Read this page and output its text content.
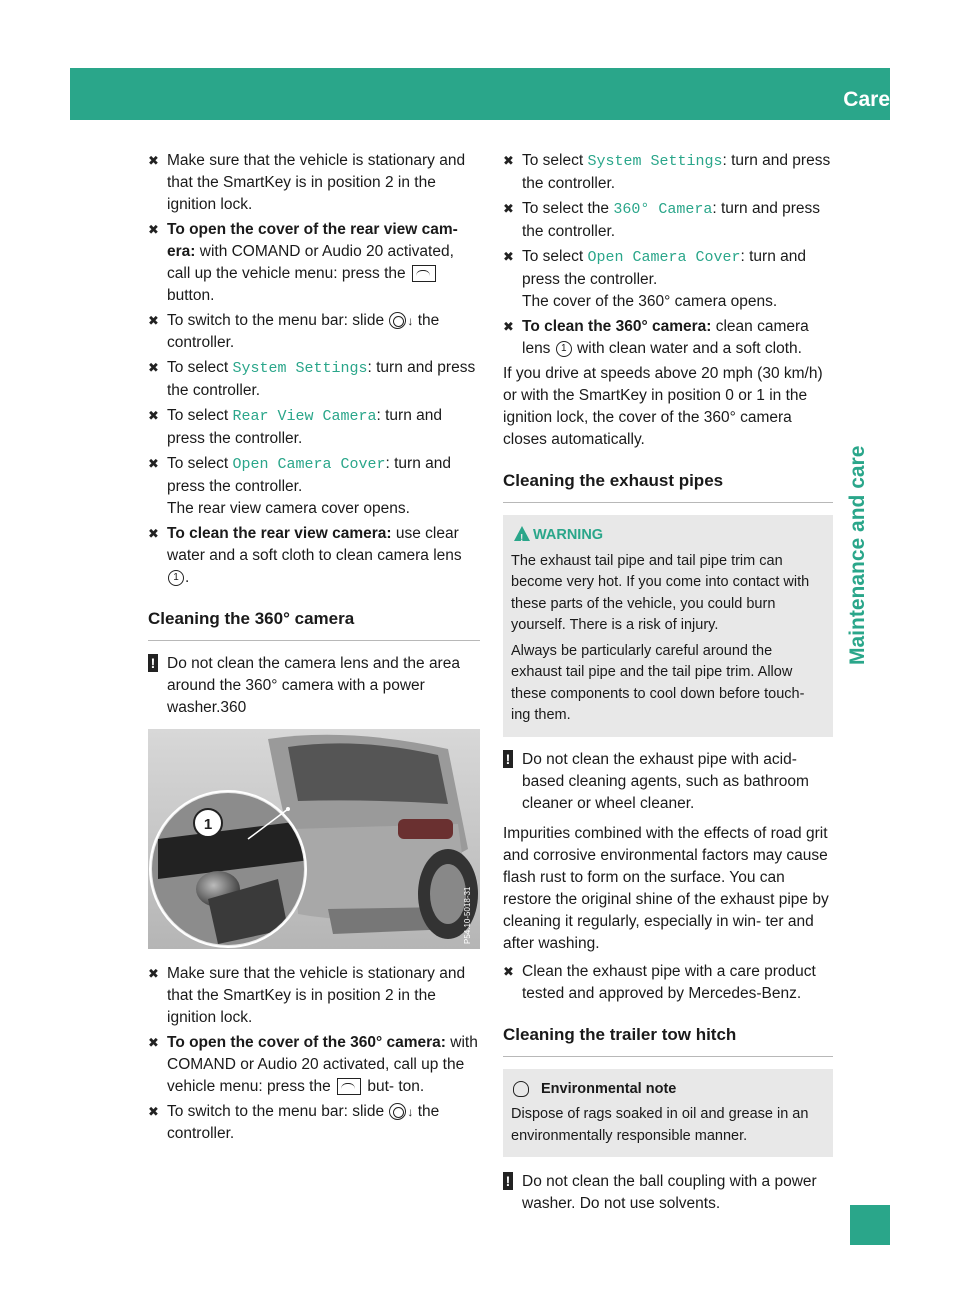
Care 349
Maintenance and care
✖ Make sure that the vehicle is stationary and that the SmartKey is in position 2 in the ignition lock.
✖ To open the cover of the rear view cam- era: with COMAND or Audio 20 activated, call up the vehicle menu: press the  button.
✖ To switch to the menu bar: slide ↓ the controller.
✖ To select System Settings: turn and press the controller.
✖ To select Rear View Camera: turn and press the controller.
✖ To select Open Camera Cover: turn and press the controller.
The rear view camera cover opens.
✖ To clean the rear view camera: use clear water and a soft cloth to clean camera lens 1 .
Cleaning the 360° camera
! Do not clean the camera lens and the area around the 360° camera with a power washer.360
1
P54.10-5018-31
✖ Make sure that the vehicle is stationary and that the SmartKey is in position 2 in the ignition lock.
✖ To open the cover of the 360° camera: with COMAND or Audio 20 activated, call up the vehicle menu: press the  but- ton.
✖ To switch to the menu bar: slide ↓ the controller.
✖ To select System Settings: turn and press the controller.
✖ To select the 360° Camera: turn and press the controller.
✖ To select Open Camera Cover: turn and press the controller.
The cover of the 360° camera opens.
✖ To clean the 360° camera: clean camera lens 1 with clean water and a soft cloth.

If you drive at speeds above 20 mph (30 km/h) or with the SmartKey in position 0 or 1 in the ignition lock, the cover of the 360° camera closes automatically.

Cleaning the exhaust pipes
!
WARNING
The exhaust tail pipe and tail pipe trim can become very hot. If you come into contact with these parts of the vehicle, you could burn yourself. There is a risk of injury.
Always be particularly careful around the exhaust tail pipe and the tail pipe trim. Allow these components to cool down before touch- ing them.
! Do not clean the exhaust pipe with acid- based cleaning agents, such as bathroom cleaner or wheel cleaner.

Impurities combined with the effects of road grit and corrosive environmental factors may cause flash rust to form on the surface. You can restore the original shine of the exhaust pipe by cleaning it regularly, especially in win- ter and after washing.

✖ Clean the exhaust pipe with a care product tested and approved by Mercedes-Benz.
Cleaning the trailer tow hitch
Environmental note
Dispose of rags soaked in oil and grease in an environmentally responsible manner.
! Do not clean the ball coupling with a power washer. Do not use solvents.
